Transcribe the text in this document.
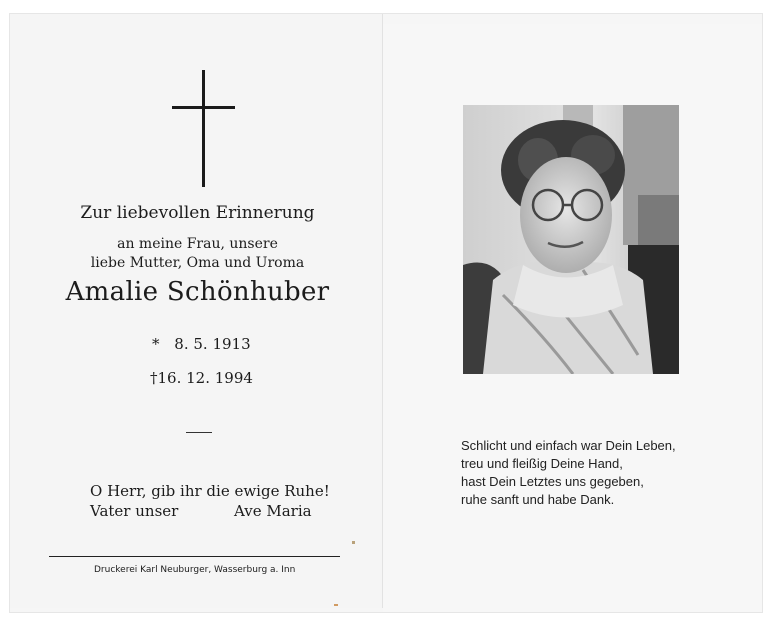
Zur liebevollen Erinnerung
an meine Frau, unsere
liebe Mutter, Oma und Uroma
Amalie Schönhuber
* 8. 5. 1913
†16. 12. 1994
O Herr, gib ihr die ewige Ruhe!
Vater unser	Ave Maria
Druckerei Karl Neuburger, Wasserburg a. Inn
Schlicht und einfach war Dein Leben,
treu und fleißig Deine Hand,
hast Dein Letztes uns gegeben,
ruhe sanft und habe Dank.
